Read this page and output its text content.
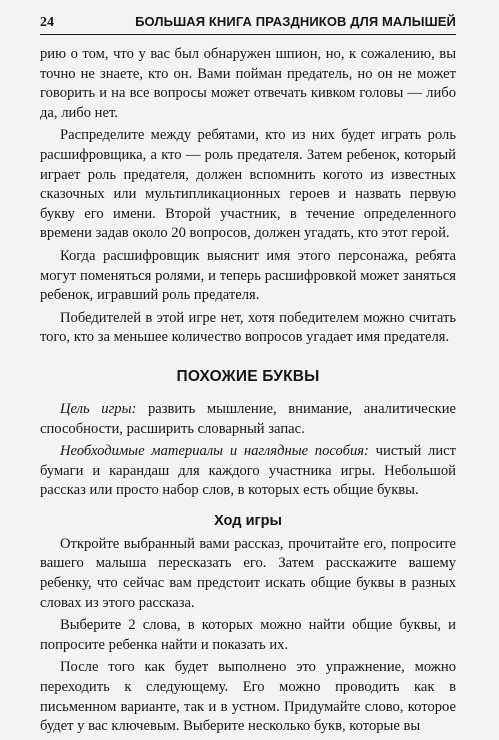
24	БОЛЬШАЯ КНИГА ПРАЗДНИКОВ ДЛЯ МАЛЫШЕЙ

рию о том, что у вас был обнаружен шпион, но, к сожалению, вы точно не знаете, кто он. Вами пойман предатель, но он не может говорить и на все вопросы может отвечать кивком головы — либо да, либо нет.

Распределите между ребятами, кто из них будет играть роль расшифровщика, а кто — роль предателя. Затем ребенок, который играет роль предателя, должен вспомнить когото из известных сказочных или мультипликационных героев и назвать первую букву его имени. Второй участник, в течение определенного времени задав около 20 вопросов, должен угадать, кто этот герой.

Когда расшифровщик выяснит имя этого персонажа, ребята могут поменяться ролями, и теперь расшифровкой может заняться ребенок, игравший роль предателя.

Победителей в этой игре нет, хотя победителем можно считать того, кто за меньшее количество вопросов угадает имя предателя.

ПОХОЖИЕ БУКВЫ

Цель игры: развить мышление, внимание, аналитические способности, расширить словарный запас.

Необходимые материалы и наглядные пособия: чистый лист бумаги и карандаш для каждого участника игры. Небольшой рассказ или просто набор слов, в которых есть общие буквы.

Ход игры

Откройте выбранный вами рассказ, прочитайте его, попросите вашего малыша пересказать его. Затем расскажите вашему ребенку, что сейчас вам предстоит искать общие буквы в разных словах из этого рассказа.

Выберите 2 слова, в которых можно найти общие буквы, и попросите ребенка найти и показать их.

После того как будет выполнено это упражнение, можно переходить к следующему. Его можно проводить как в письменном варианте, так и в устном. Придумайте слово, которое будет у вас ключевым. Выберите несколько букв, которые вы
